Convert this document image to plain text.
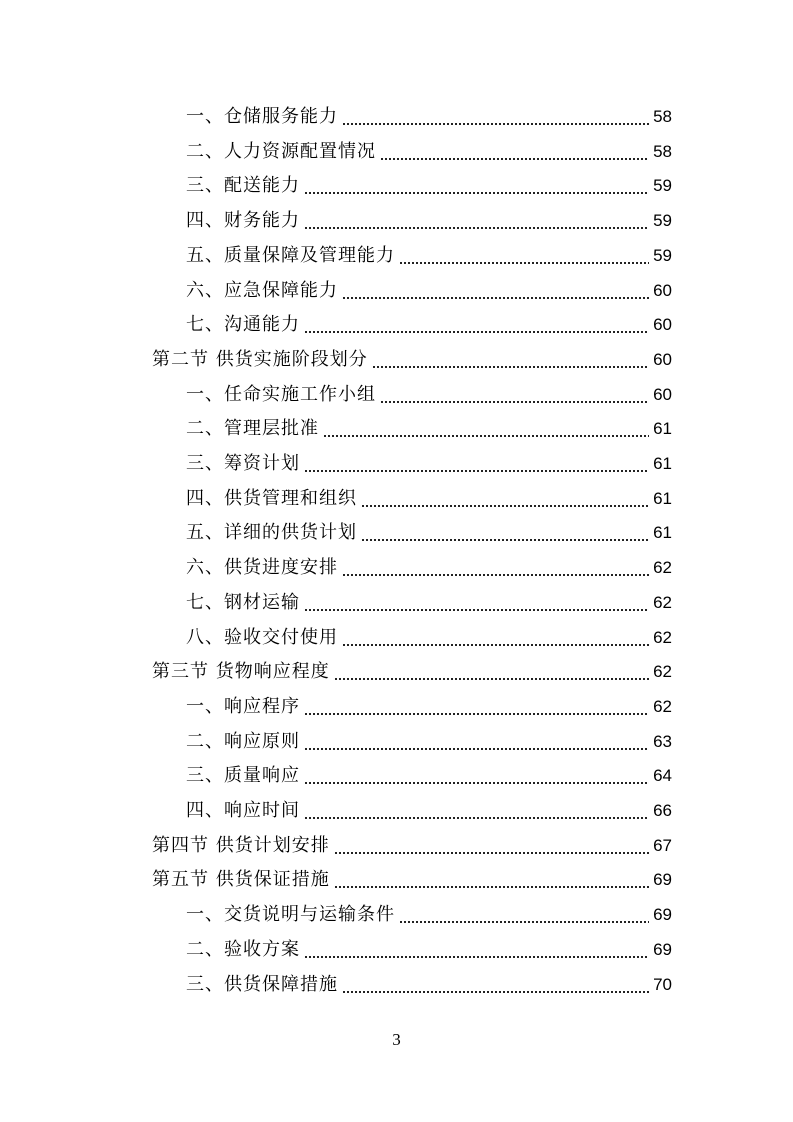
一、仓储服务能力	58
二、人力资源配置情况	58
三、配送能力	59
四、财务能力	59
五、质量保障及管理能力	59
六、应急保障能力	60
七、沟通能力	60
第二节 供货实施阶段划分	60
一、任命实施工作小组	60
二、管理层批准	61
三、筹资计划	61
四、供货管理和组织	61
五、详细的供货计划	61
六、供货进度安排	62
七、钢材运输	62
八、验收交付使用	62
第三节 货物响应程度	62
一、响应程序	62
二、响应原则	63
三、质量响应	64
四、响应时间	66
第四节 供货计划安排	67
第五节 供货保证措施	69
一、交货说明与运输条件	69
二、验收方案	69
三、供货保障措施	70
3
